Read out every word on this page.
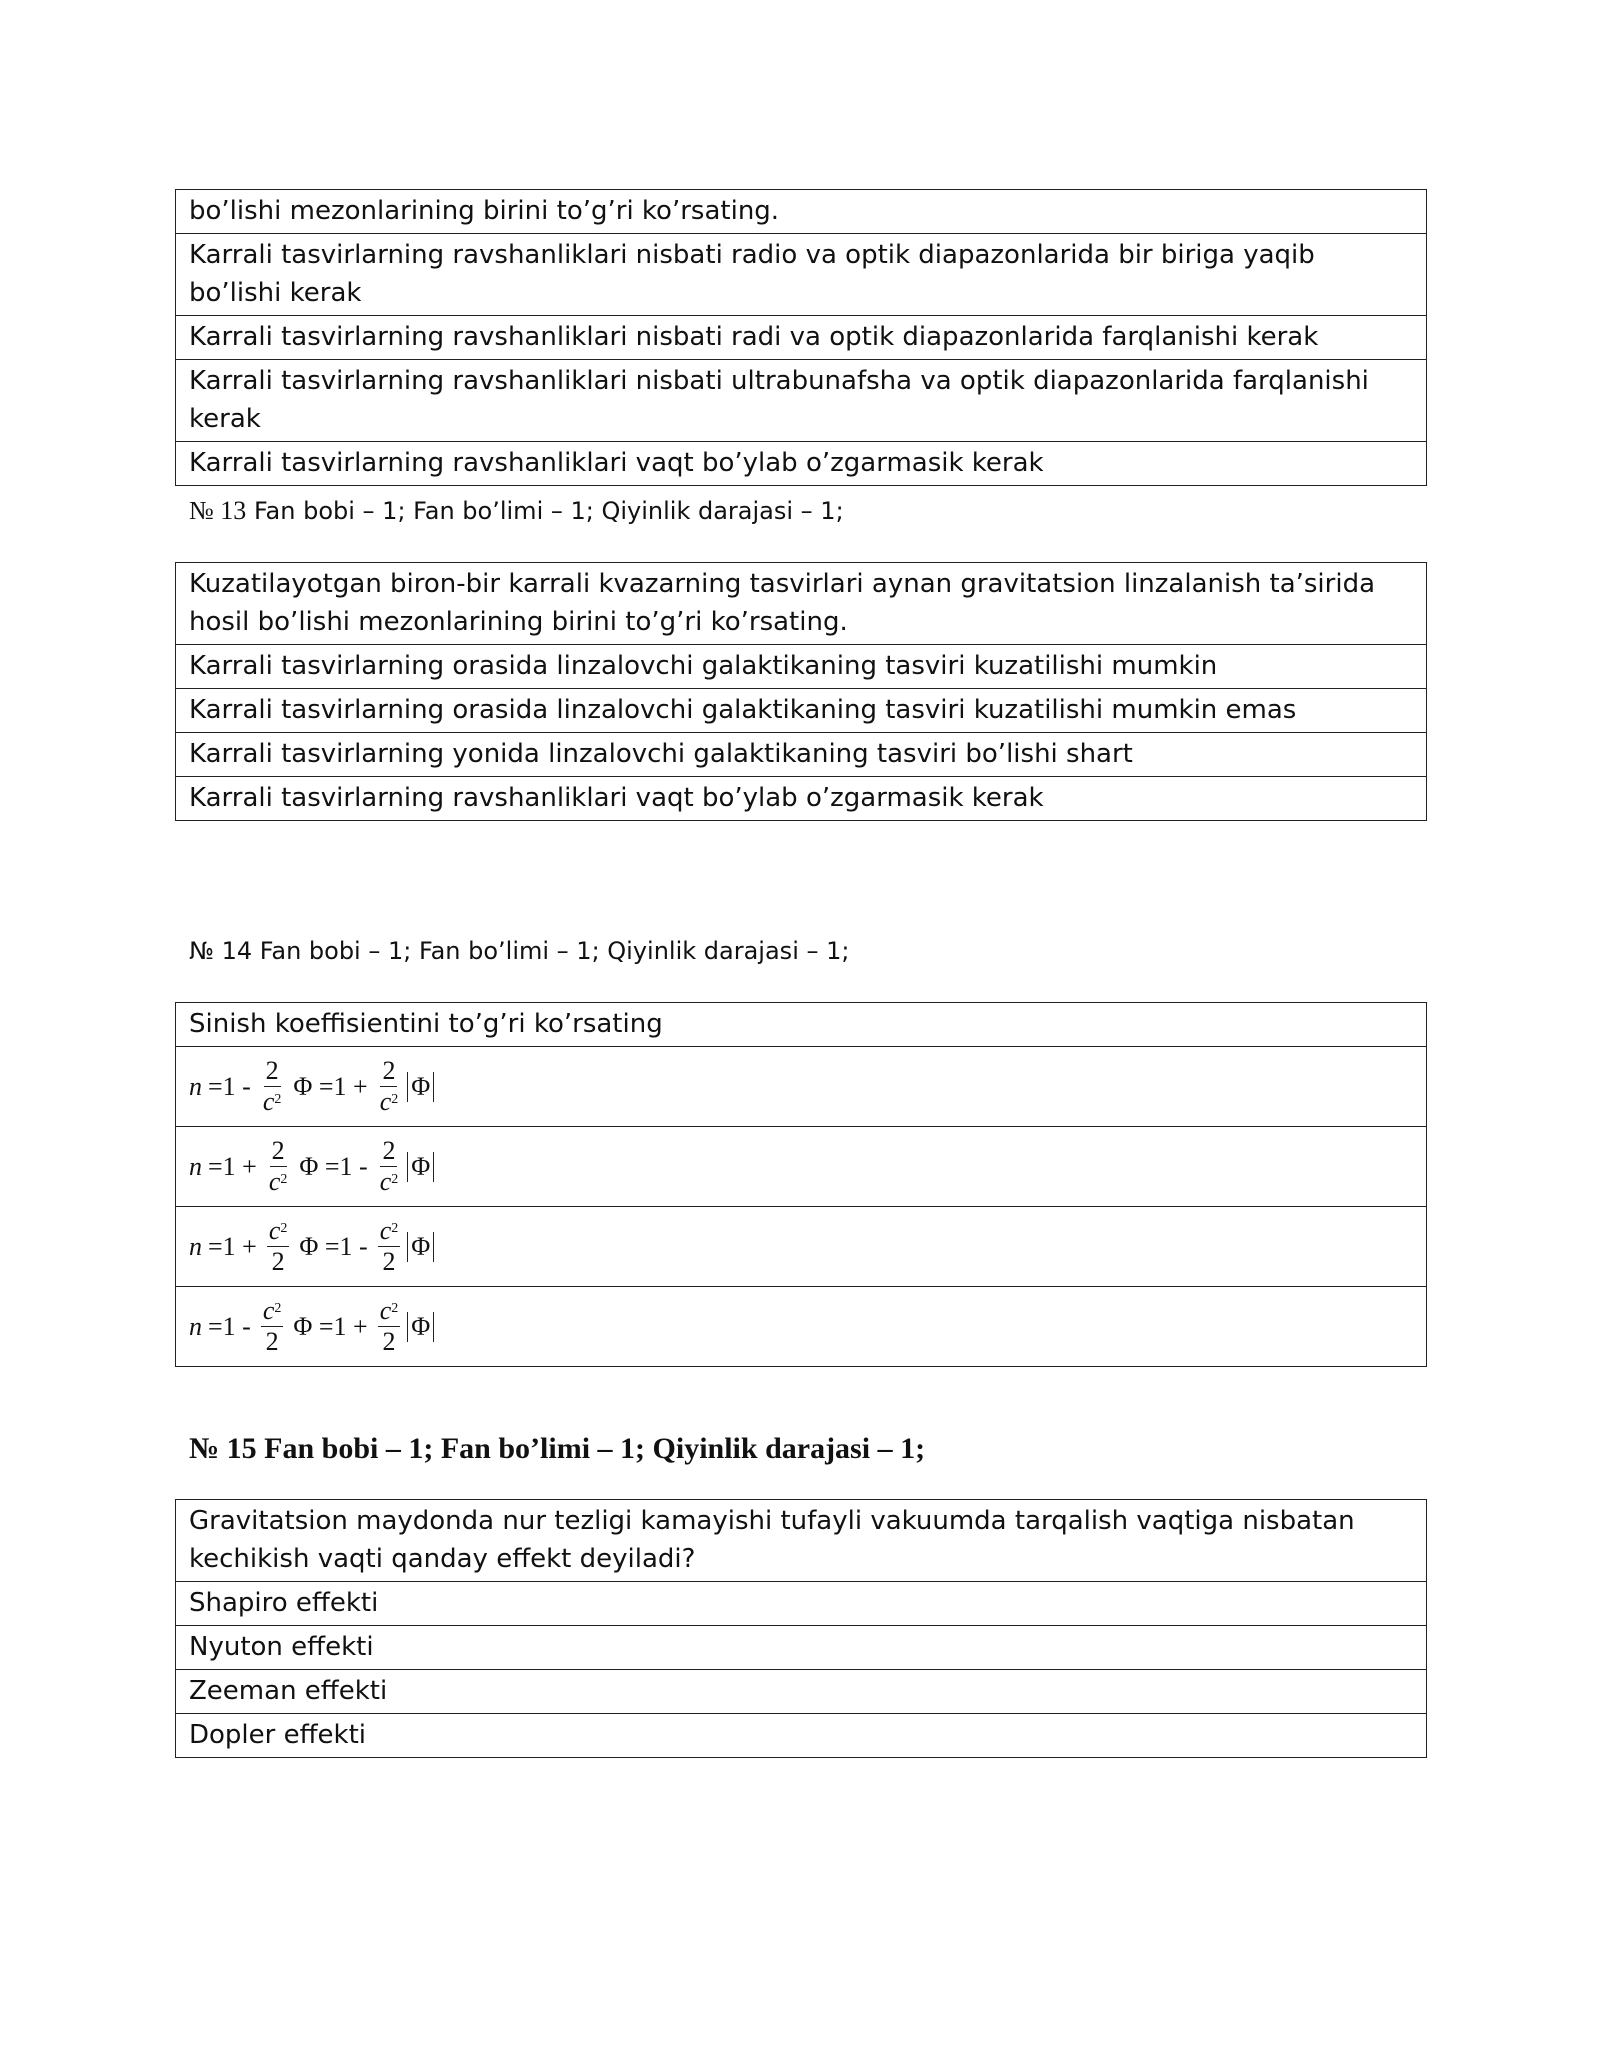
bo’lishi mezonlarining birini to’g’ri ko’rsating.
Karrali tasvirlarning ravshanliklari nisbati radio va optik diapazonlarida bir biriga yaqib bo’lishi kerak
Karrali tasvirlarning ravshanliklari nisbati radi va optik diapazonlarida farqlanishi kerak
Karrali tasvirlarning ravshanliklari nisbati ultrabunafsha va optik diapazonlarida farqlanishi kerak
Karrali tasvirlarning ravshanliklari vaqt bo’ylab o’zgarmasik kerak
№ 13 Fan bobi – 1; Fan bo’limi – 1; Qiyinlik darajasi – 1;
Kuzatilayotgan biron-bir karrali kvazarning tasvirlari aynan gravitatsion linzalanish ta’sirida hosil bo’lishi mezonlarining birini to’g’ri ko’rsating.
Karrali tasvirlarning orasida linzalovchi galaktikaning tasviri kuzatilishi mumkin
Karrali tasvirlarning orasida linzalovchi galaktikaning tasviri kuzatilishi mumkin emas
Karrali tasvirlarning yonida linzalovchi galaktikaning tasviri bo’lishi shart
Karrali tasvirlarning ravshanliklari vaqt bo’ylab o’zgarmasik kerak
№ 14 Fan bobi – 1; Fan bo’limi – 1; Qiyinlik darajasi – 1;
Sinish koeffisientini to’g’ri ko’rsating
$n =1 - \frac{2}{c^2}$ $\Phi =1 + \frac{2}{c^2}$ Φ
$n =1 + \frac{2}{c^2}$ $\Phi =1 - \frac{2}{c^2}$ Φ
$n =1 + \frac{c^2}{2}$ $\Phi =1 - \frac{c^2}{2}$ Φ
$n =1 - \frac{c^2}{2}$ $\Phi =1 + \frac{c^2}{2}$ Φ
№ 15 Fan bobi – 1; Fan bo’limi – 1; Qiyinlik darajasi – 1;
Gravitatsion maydonda nur tezligi kamayishi tufayli vakuumda tarqalish vaqtiga nisbatan kechikish vaqti qanday effekt deyiladi?
Shapiro effekti
Nyuton effekti
Zeeman effekti
Dopler effekti
